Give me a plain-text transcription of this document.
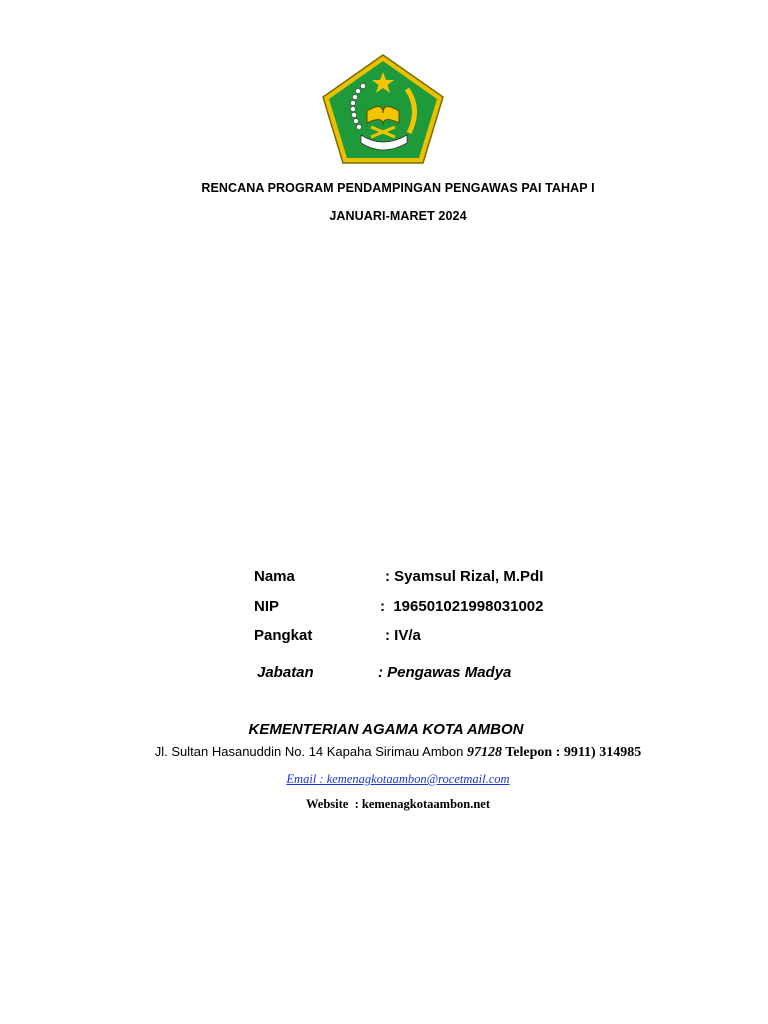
RENCANA PROGRAM PENDAMPINGAN PENGAWAS PAI TAHAP I
JANUARI-MARET 2024
Nama	: Syamsul Rizal, M.PdI
NIP	:  196501021998031002
Pangkat	: IV/a
Jabatan	: Pengawas Madya
KEMENTERIAN AGAMA KOTA AMBON
Jl. Sultan Hasanuddin No. 14 Kapaha Sirimau Ambon 97128 Telepon : 9911) 314985
Email : kemenagkotaambon@rocetmail.com
Website  : kemenagkotaambon.net
